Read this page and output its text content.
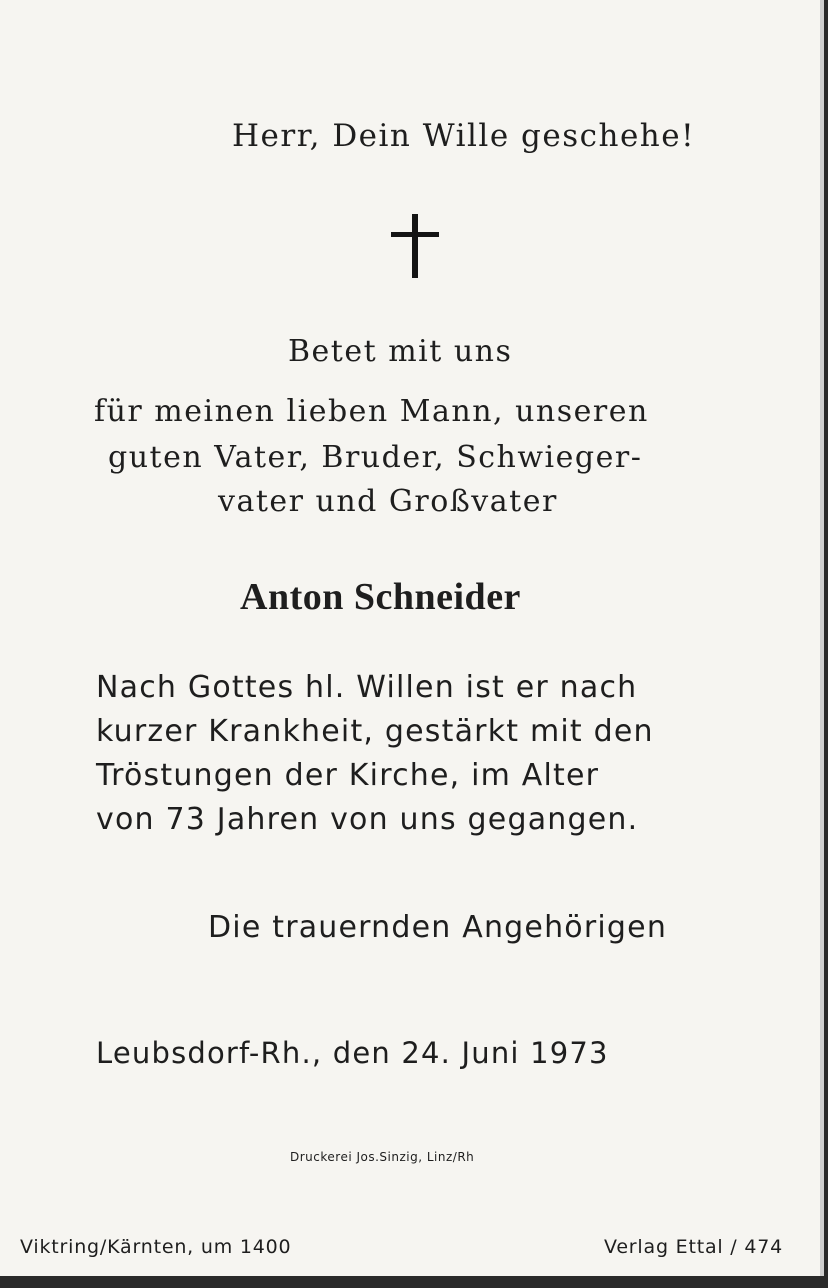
Herr, Dein Wille geschehe!
Betet mit uns
für meinen lieben Mann, unseren
guten Vater, Bruder, Schwieger-
vater und Großvater
Anton Schneider
Nach Gottes hl. Willen ist er nach
kurzer Krankheit, gestärkt mit den
Tröstungen der Kirche, im Alter
von 73 Jahren von uns gegangen.
Die trauernden Angehörigen
Leubsdorf-Rh., den 24. Juni 1973
Druckerei Jos.Sinzig, Linz/Rh
Viktring/Kärnten, um 1400	Verlag Ettal / 474
